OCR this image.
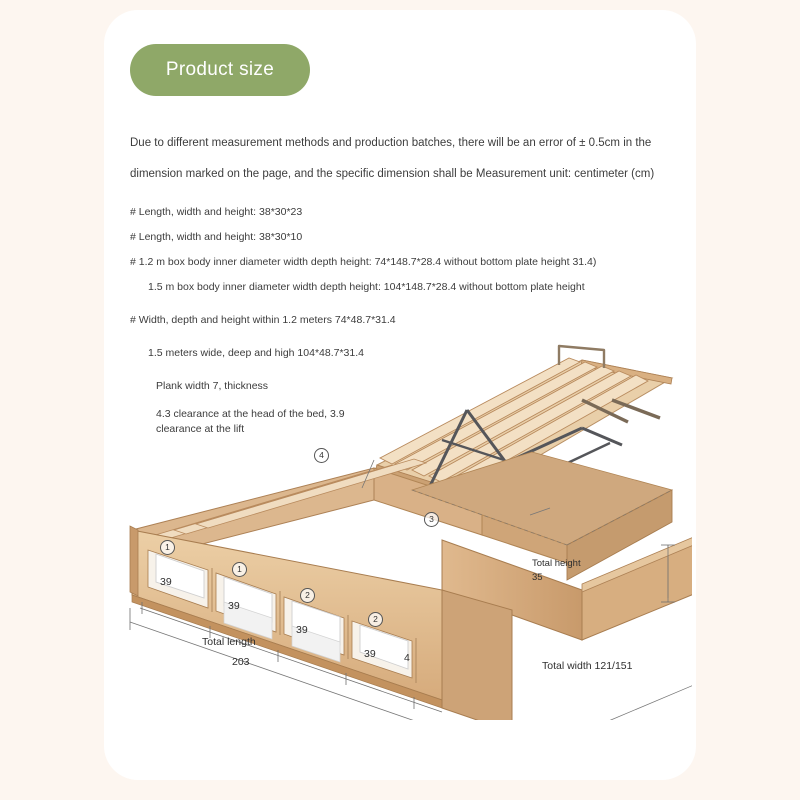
Product size
Due to different measurement methods and production batches, there will be an error of ± 0.5cm in the dimension marked on the page, and the specific dimension shall be Measurement unit: centimeter (cm)
# Length, width and height: 38*30*23
# Length, width and height: 38*30*10
# 1.2 m box body inner diameter width depth height: 74*148.7*28.4 without bottom plate height 31.4)
1.5 m box body inner diameter width depth height: 104*148.7*28.4 without bottom plate height
# Width, depth and height within 1.2 meters 74*48.7*31.4
1.5 meters wide, deep and high 104*48.7*31.4
Plank width 7, thickness
4.3 clearance at the head of the bed, 3.9
clearance at the lift
1
1
2
2
3
4
39
39
39
39	4
Total length
203	Total width 121/151
Total height
35
